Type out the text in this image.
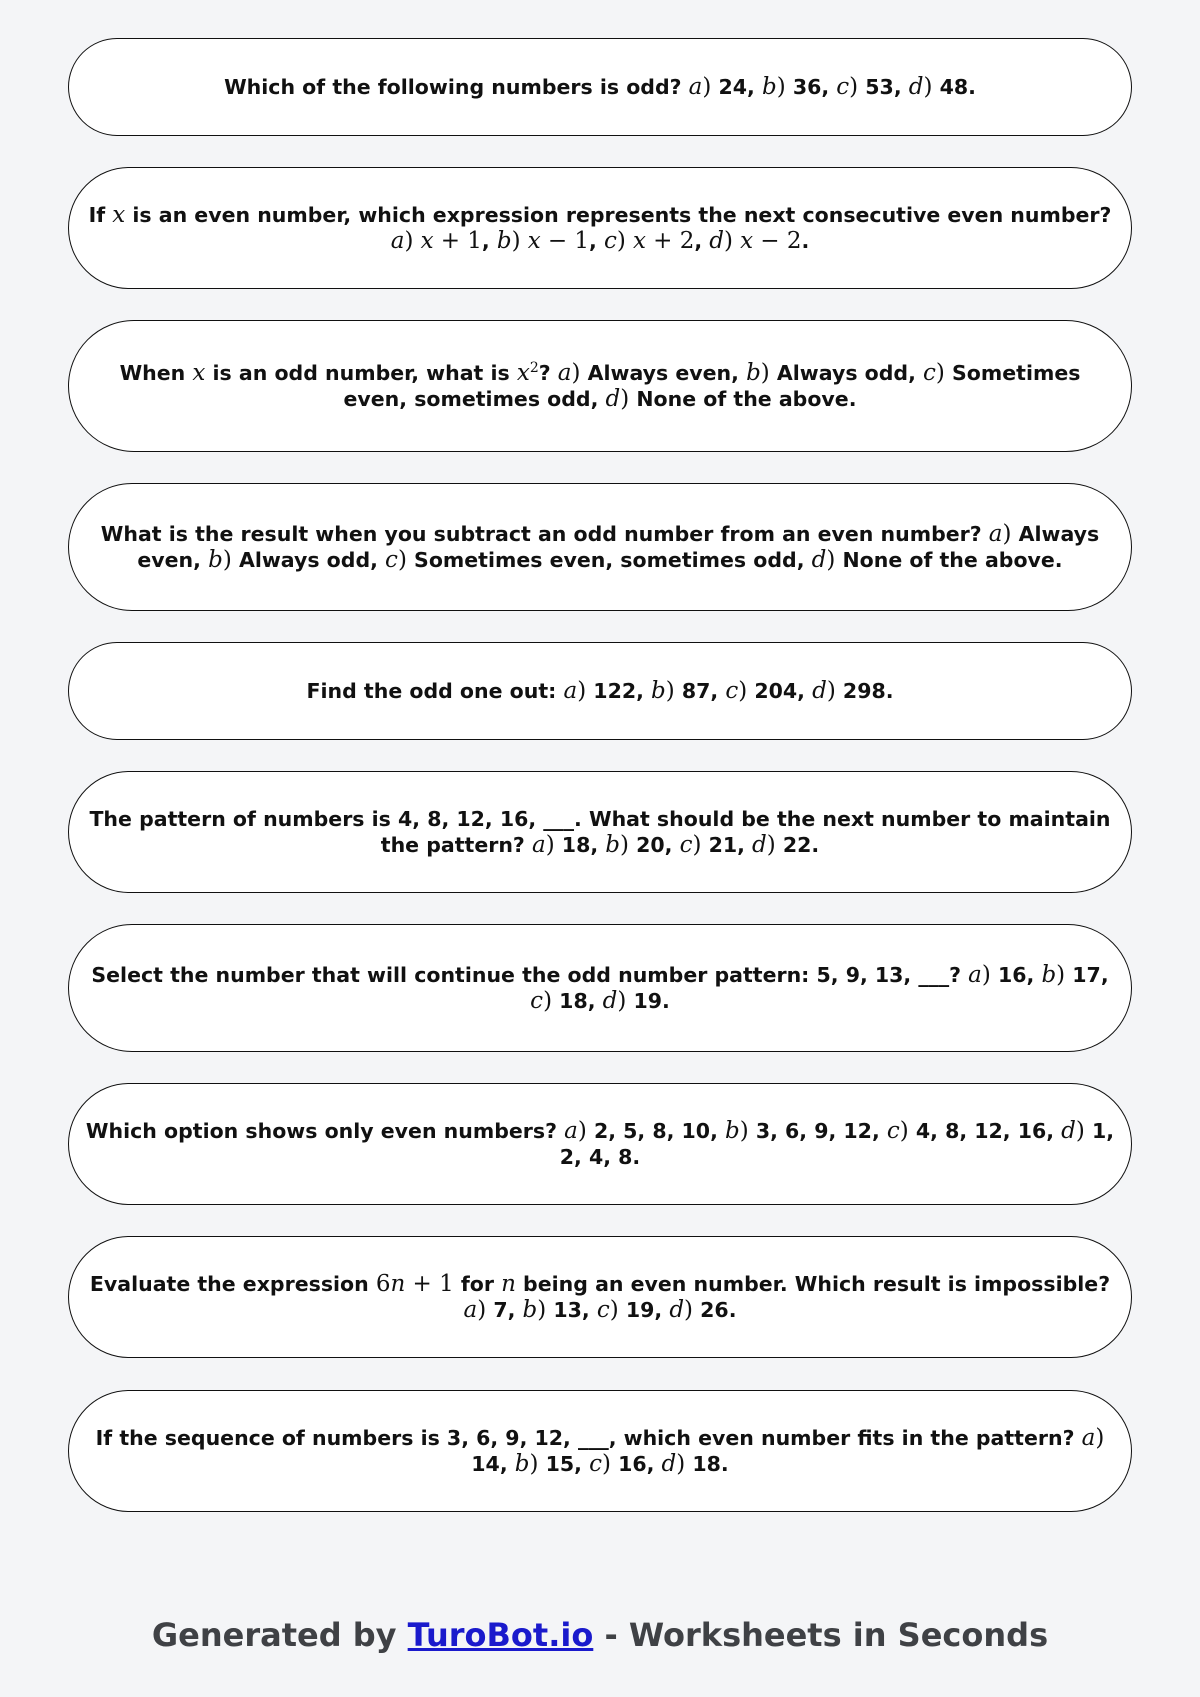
Which of the following numbers is odd? a) 24, b) 36, c) 53, d) 48.

If x is an even number, which expression represents the next consecutive even number? a) x + 1, b) x − 1, c) x + 2, d) x − 2.

When x is an odd number, what is $x^2$? a) Always even, b) Always odd, c) Sometimes even, sometimes odd, d) None of the above.

What is the result when you subtract an odd number from an even number? a) Always even, b) Always odd, c) Sometimes even, sometimes odd, d) None of the above.

Find the odd one out: a) 122, b) 87, c) 204, d) 298.

The pattern of numbers is 4, 8, 12, 16, ___. What should be the next number to maintain the pattern? a) 18, b) 20, c) 21, d) 22.

Select the number that will continue the odd number pattern: 5, 9, 13, ___? a) 16, b) 17, c) 18, d) 19.

Which option shows only even numbers? a) 2, 5, 8, 10, b) 3, 6, 9, 12, c) 4, 8, 12, 16, d) 1, 2, 4, 8.

Evaluate the expression 6n + 1 for n being an even number. Which result is impossible? a) 7, b) 13, c) 19, d) 26.

If the sequence of numbers is 3, 6, 9, 12, ___, which even number fits in the pattern? a) 14, b) 15, c) 16, d) 18.

Generated by TuroBot.io - Worksheets in Seconds
